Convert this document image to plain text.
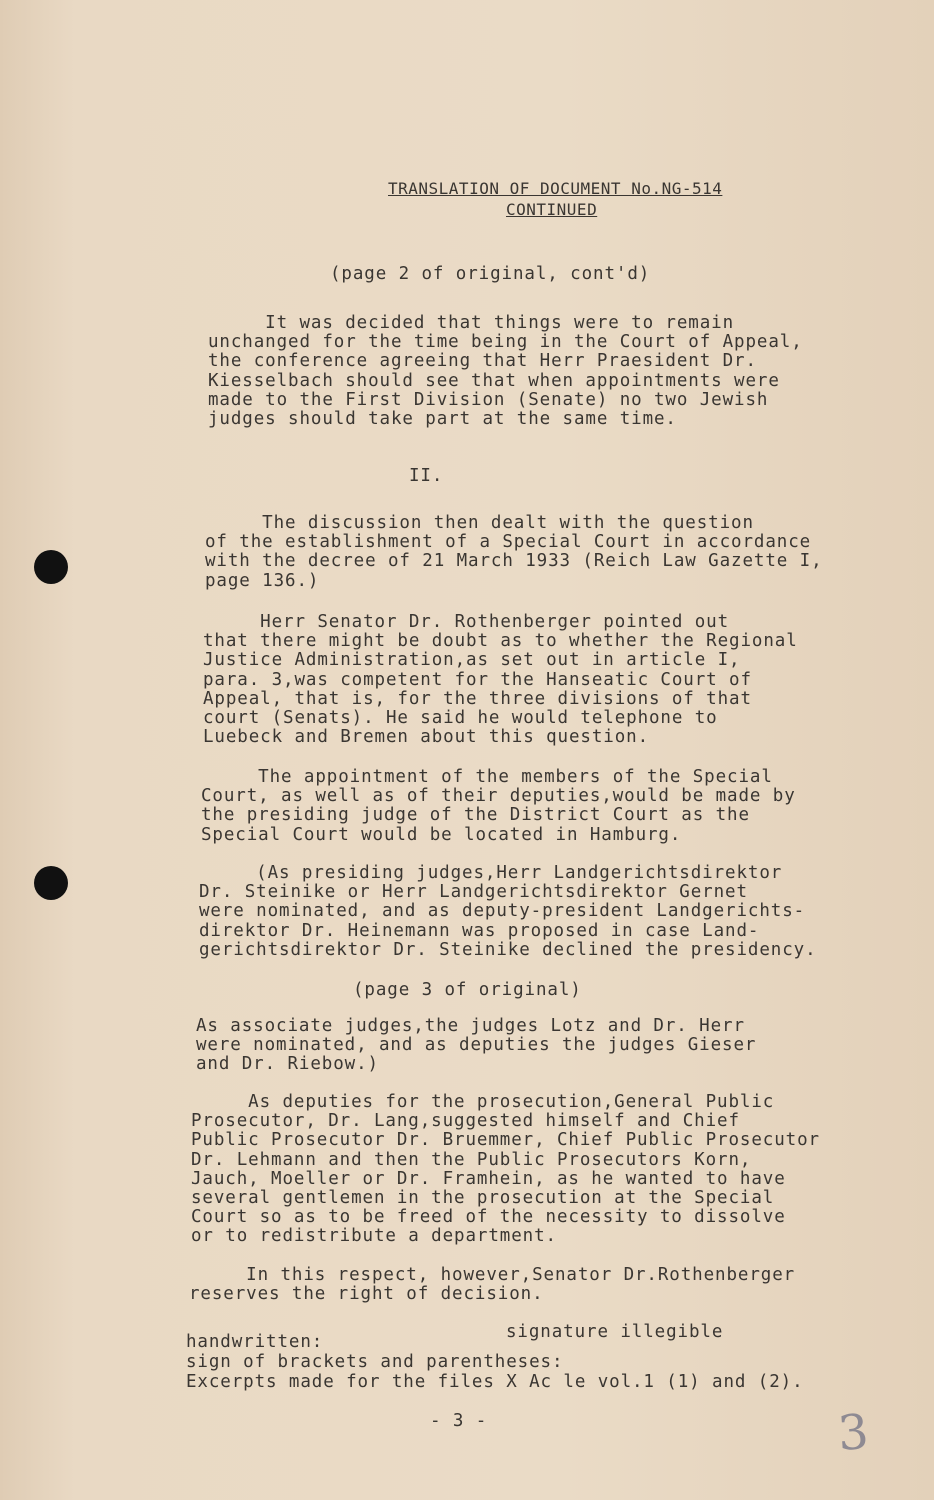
TRANSLATION OF DOCUMENT No.NG-514
CONTINUED
(page 2 of original, cont'd)
It was decided that things were to remain
unchanged for the time being in the Court of Appeal,
the conference agreeing that Herr Praesident Dr.
Kiesselbach should see that when appointments were
made to the First Division (Senate) no two Jewish
judges should take part at the same time.
II.
The discussion then dealt with the question
of the establishment of a Special Court in accordance
with the decree of 21 March 1933 (Reich Law Gazette I,
page 136.)
Herr Senator Dr. Rothenberger pointed out
that there might be doubt as to whether the Regional
Justice Administration,as set out in article I,
para. 3,was competent for the Hanseatic Court of
Appeal, that is, for the three divisions of that
court (Senats). He said he would telephone to
Luebeck and Bremen about this question.
The appointment of the members of the Special
Court, as well as of their deputies,would be made by
the presiding judge of the District Court as the
Special Court would be located in Hamburg.
(As presiding judges,Herr Landgerichtsdirektor
Dr. Steinike or Herr Landgerichtsdirektor Gernet
were nominated, and as deputy-president Landgerichts-
direktor Dr. Heinemann was proposed in case Land-
gerichtsdirektor Dr. Steinike declined the presidency.
(page 3 of original)
As associate judges,the judges Lotz and Dr. Herr
were nominated, and as deputies the judges Gieser
and Dr. Riebow.)
As deputies for the prosecution,General Public
Prosecutor, Dr. Lang,suggested himself and Chief
Public Prosecutor Dr. Bruemmer, Chief Public Prosecutor
Dr. Lehmann and then the Public Prosecutors Korn,
Jauch, Moeller or Dr. Framhein, as he wanted to have
several gentlemen in the prosecution at the Special
Court so as to be freed of the necessity to dissolve
or to redistribute a department.
In this respect, however,Senator Dr.Rothenberger
reserves the right of decision.
signature illegible
handwritten:
sign of brackets and parentheses:
Excerpts made for the files X Ac le vol.1 (1) and (2).
- 3 -	3
